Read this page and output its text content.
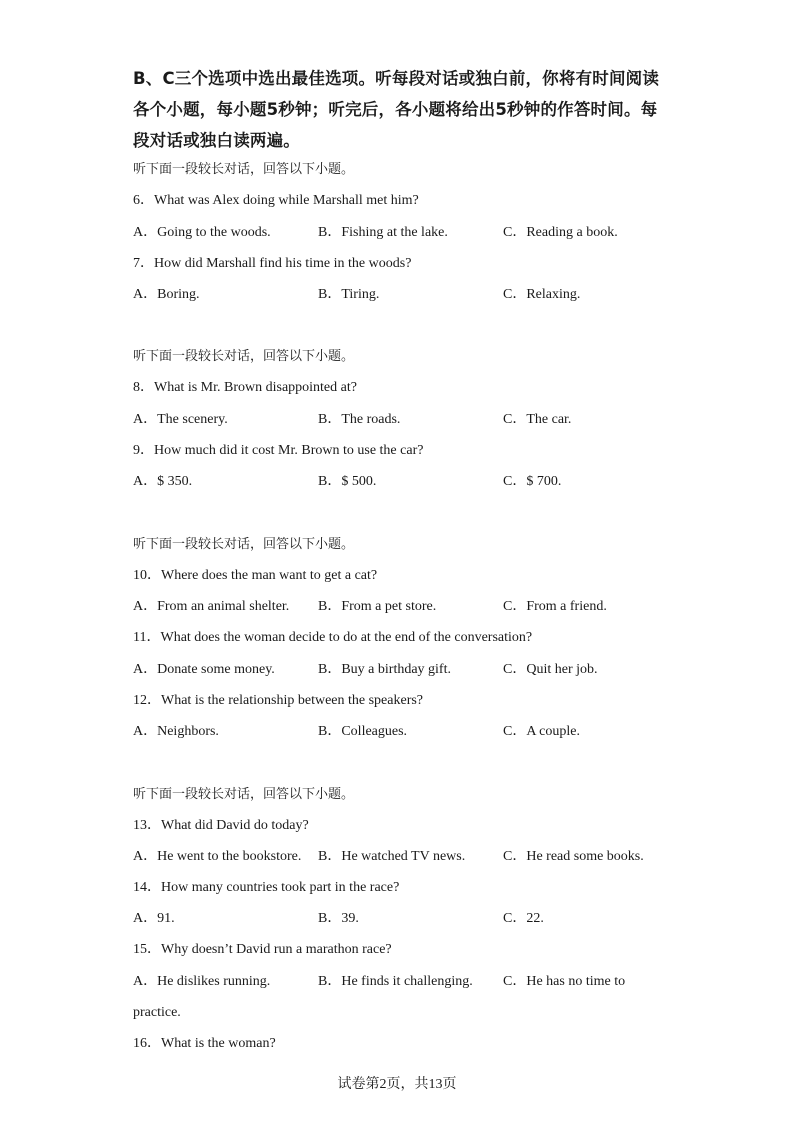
B、C三个选项中选出最佳选项。听每段对话或独白前，你将有时间阅读各个小题，每小题5秒钟；听完后，各小题将给出5秒钟的作答时间。每段对话或独白读两遍。
听下面一段较长对话，回答以下小题。
6．What was Alex doing while Marshall met him?
A．Going to the woods.	B．Fishing at the lake.	C．Reading a book.
7．How did Marshall find his time in the woods?
A．Boring.	B．Tiring.	C．Relaxing.
听下面一段较长对话，回答以下小题。
8．What is Mr. Brown disappointed at?
A．The scenery.	B．The roads.	C．The car.
9．How much did it cost Mr. Brown to use the car?
A．$ 350.	B．$ 500.	C．$ 700.
听下面一段较长对话，回答以下小题。
10．Where does the man want to get a cat?
A．From an animal shelter. B．From a pet store.	C．From a friend.
11．What does the woman decide to do at the end of the conversation?
A．Donate some money.	B．Buy a birthday gift.	C．Quit her job.
12．What is the relationship between the speakers?
A．Neighbors.	B．Colleagues.	C．A couple.
听下面一段较长对话，回答以下小题。
13．What did David do today?
A．He went to the bookstore. B．He watched TV news.	C．He read some books.
14．How many countries took part in the race?
A．91.	B．39.	C．22.
15．Why doesn’t David run a marathon race?
A．He dislikes running.	B．He finds it challenging. C．He has no time to
practice.
16．What is the woman?
试卷第2页，共13页
